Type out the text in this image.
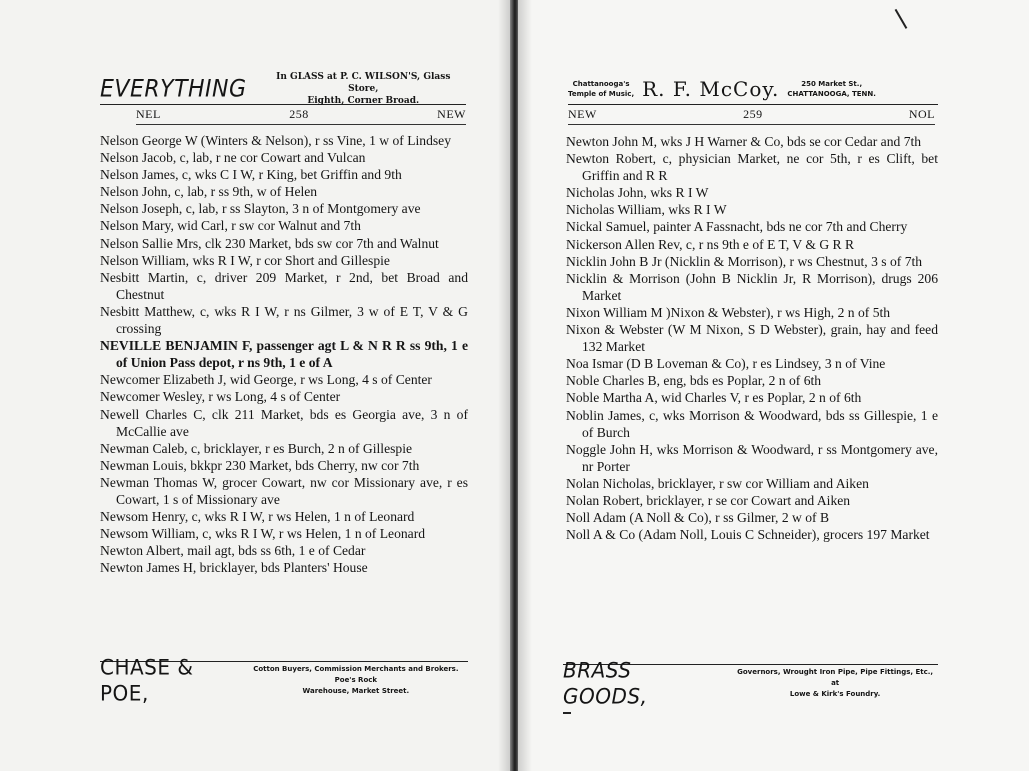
EVERYTHING	In GLASS at P. C. WILSON'S, Glass Store,
Eighth, Corner Broad.
NEL	258	NEW
Nelson George W (Winters & Nelson), r ss Vine, 1 w of Lindsey
Nelson Jacob, c, lab, r ne cor Cowart and Vulcan
Nelson James, c, wks C I W, r King, bet Griffin and 9th
Nelson John, c, lab, r ss 9th, w of Helen
Nelson Joseph, c, lab, r ss Slayton, 3 n of Montgomery ave
Nelson Mary, wid Carl, r sw cor Walnut and 7th
Nelson Sallie Mrs, clk 230 Market, bds sw cor 7th and Walnut
Nelson William, wks R I W, r cor Short and Gillespie
Nesbitt Martin, c, driver 209 Market, r 2nd, bet Broad and Chestnut
Nesbitt Matthew, c, wks R I W, r ns Gilmer, 3 w of E T, V & G crossing
NEVILLE BENJAMIN F, passenger agt L & N R R ss 9th, 1 e of Union Pass depot, r ns 9th, 1 e of A
Newcomer Elizabeth J, wid George, r ws Long, 4 s of Center
Newcomer Wesley, r ws Long, 4 s of Center
Newell Charles C, clk 211 Market, bds es Georgia ave, 3 n of McCallie ave
Newman Caleb, c, bricklayer, r es Burch, 2 n of Gillespie
Newman Louis, bkkpr 230 Market, bds Cherry, nw cor 7th
Newman Thomas W, grocer Cowart, nw cor Missionary ave, r es Cowart, 1 s of Missionary ave
Newsom Henry, c, wks R I W, r ws Helen, 1 n of Leonard
Newsom William, c, wks R I W, r ws Helen, 1 n of Leonard
Newton Albert, mail agt, bds ss 6th, 1 e of Cedar
Newton James H, bricklayer, bds Planters' House
CHASE & POE,
Cotton Buyers, Commission Merchants and Brokers. Poe's Rock
Warehouse, Market Street.
Chattanooga's
Temple of Music, R. F. McCoy.	250 Market St.,
CHATTANOOGA, TENN.
NEW	259	NOL
Newton John M, wks J H Warner & Co, bds se cor Cedar and 7th
Newton Robert, c, physician Market, ne cor 5th, r es Clift, bet Griffin and R R
Nicholas John, wks R I W
Nicholas William, wks R I W
Nickal Samuel, painter A Fassnacht, bds ne cor 7th and Cherry
Nickerson Allen Rev, c, r ns 9th e of E T, V & G R R
Nicklin John B Jr (Nicklin & Morrison), r ws Chestnut, 3 s of 7th
Nicklin & Morrison (John B Nicklin Jr, R Morrison), drugs 206 Market
Nixon William M )Nixon & Webster), r ws High, 2 n of 5th
Nixon & Webster (W M Nixon, S D Webster), grain, hay and feed 132 Market
Noa Ismar (D B Loveman & Co), r es Lindsey, 3 n of Vine
Noble Charles B, eng, bds es Poplar, 2 n of 6th
Noble Martha A, wid Charles V, r es Poplar, 2 n of 6th
Noblin James, c, wks Morrison & Woodward, bds ss Gillespie, 1 e of Burch
Noggle John H, wks Morrison & Woodward, r ss Montgomery ave, nr Porter
Nolan Nicholas, bricklayer, r sw cor William and Aiken
Nolan Robert, bricklayer, r se cor Cowart and Aiken
Noll Adam (A Noll & Co), r ss Gilmer, 2 w of B
Noll A & Co (Adam Noll, Louis C Schneider), grocers 197 Market
BRASS GOODS,
Governors, Wrought Iron Pipe, Pipe Fittings, Etc., at
Lowe & Kirk's Foundry.
